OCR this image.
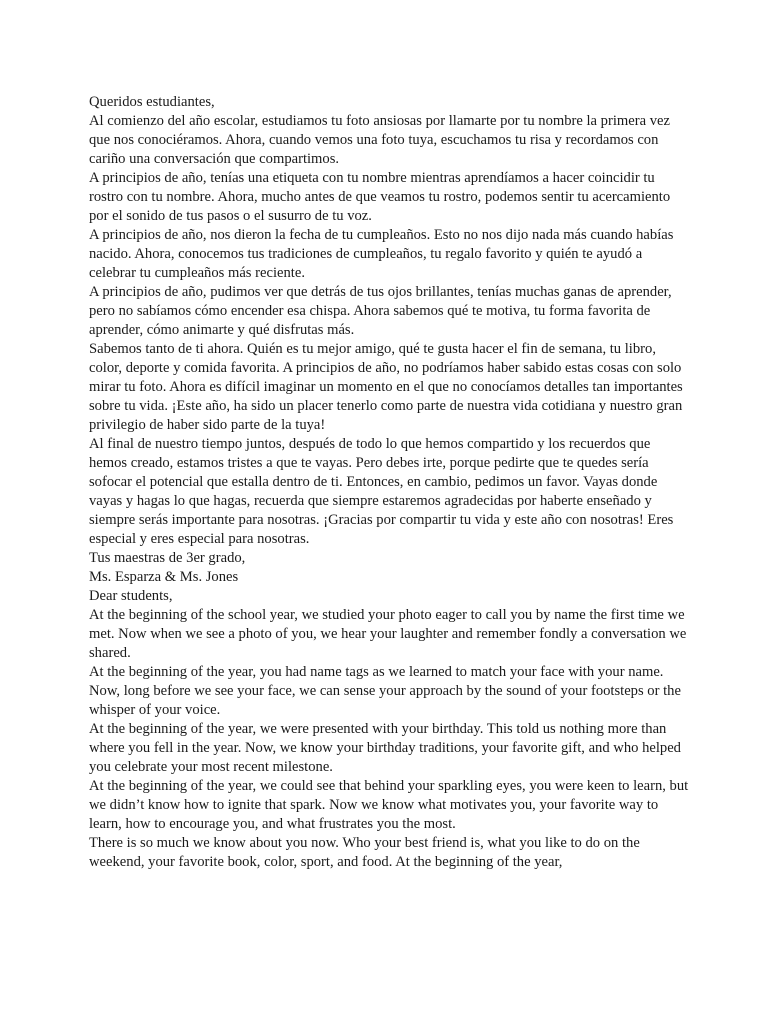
Queridos estudiantes,

Al comienzo del año escolar, estudiamos tu foto ansiosas por llamarte por tu nombre la primera vez que nos conociéramos. Ahora, cuando vemos una foto tuya, escuchamos tu risa y recordamos con cariño una conversación que compartimos.

A principios de año, tenías una etiqueta con tu nombre mientras aprendíamos a hacer coincidir tu rostro con tu nombre. Ahora, mucho antes de que veamos tu rostro, podemos sentir tu acercamiento por el sonido de tus pasos o el susurro de tu voz.

A principios de año, nos dieron la fecha de tu cumpleaños. Esto no nos dijo nada más cuando habías nacido. Ahora, conocemos tus tradiciones de cumpleaños, tu regalo favorito y quién te ayudó a celebrar tu cumpleaños más reciente.

A principios de año, pudimos ver que detrás de tus ojos brillantes, tenías muchas ganas de aprender, pero no sabíamos cómo encender esa chispa. Ahora sabemos qué te motiva, tu forma favorita de aprender, cómo animarte y qué disfrutas más.

Sabemos tanto de ti ahora. Quién es tu mejor amigo, qué te gusta hacer el fin de semana, tu libro, color, deporte y comida favorita. A principios de año, no podríamos haber sabido estas cosas con solo mirar tu foto. Ahora es difícil imaginar un momento en el que no conocíamos detalles tan importantes sobre tu vida. ¡Este año, ha sido un placer tenerlo como parte de nuestra vida cotidiana y nuestro gran privilegio de haber sido parte de la tuya!

Al final de nuestro tiempo juntos, después de todo lo que hemos compartido y los recuerdos que hemos creado, estamos tristes a que te vayas. Pero debes irte, porque pedirte que te quedes sería sofocar el potencial que estalla dentro de ti. Entonces, en cambio, pedimos un favor. Vayas donde vayas y hagas lo que hagas, recuerda que siempre estaremos agradecidas por haberte enseñado y siempre serás importante para nosotras. ¡Gracias por compartir tu vida y este año con nosotras! Eres especial y eres especial para nosotras.

Tus maestras de 3er grado,

Ms. Esparza & Ms. Jones

Dear students,

At the beginning of the school year, we studied your photo eager to call you by name the first time we met. Now when we see a photo of you, we hear your laughter and remember fondly a conversation we shared.

At the beginning of the year, you had name tags as we learned to match your face with your name. Now, long before we see your face, we can sense your approach by the sound of your footsteps or the whisper of your voice.

At the beginning of the year, we were presented with your birthday. This told us nothing more than where you fell in the year. Now, we know your birthday traditions, your favorite gift, and who helped you celebrate your most recent milestone.

At the beginning of the year, we could see that behind your sparkling eyes, you were keen to learn, but we didn’t know how to ignite that spark. Now we know what motivates you, your favorite way to learn, how to encourage you, and what frustrates you the most.

There is so much we know about you now. Who your best friend is, what you like to do on the weekend, your favorite book, color, sport, and food. At the beginning of the year,
